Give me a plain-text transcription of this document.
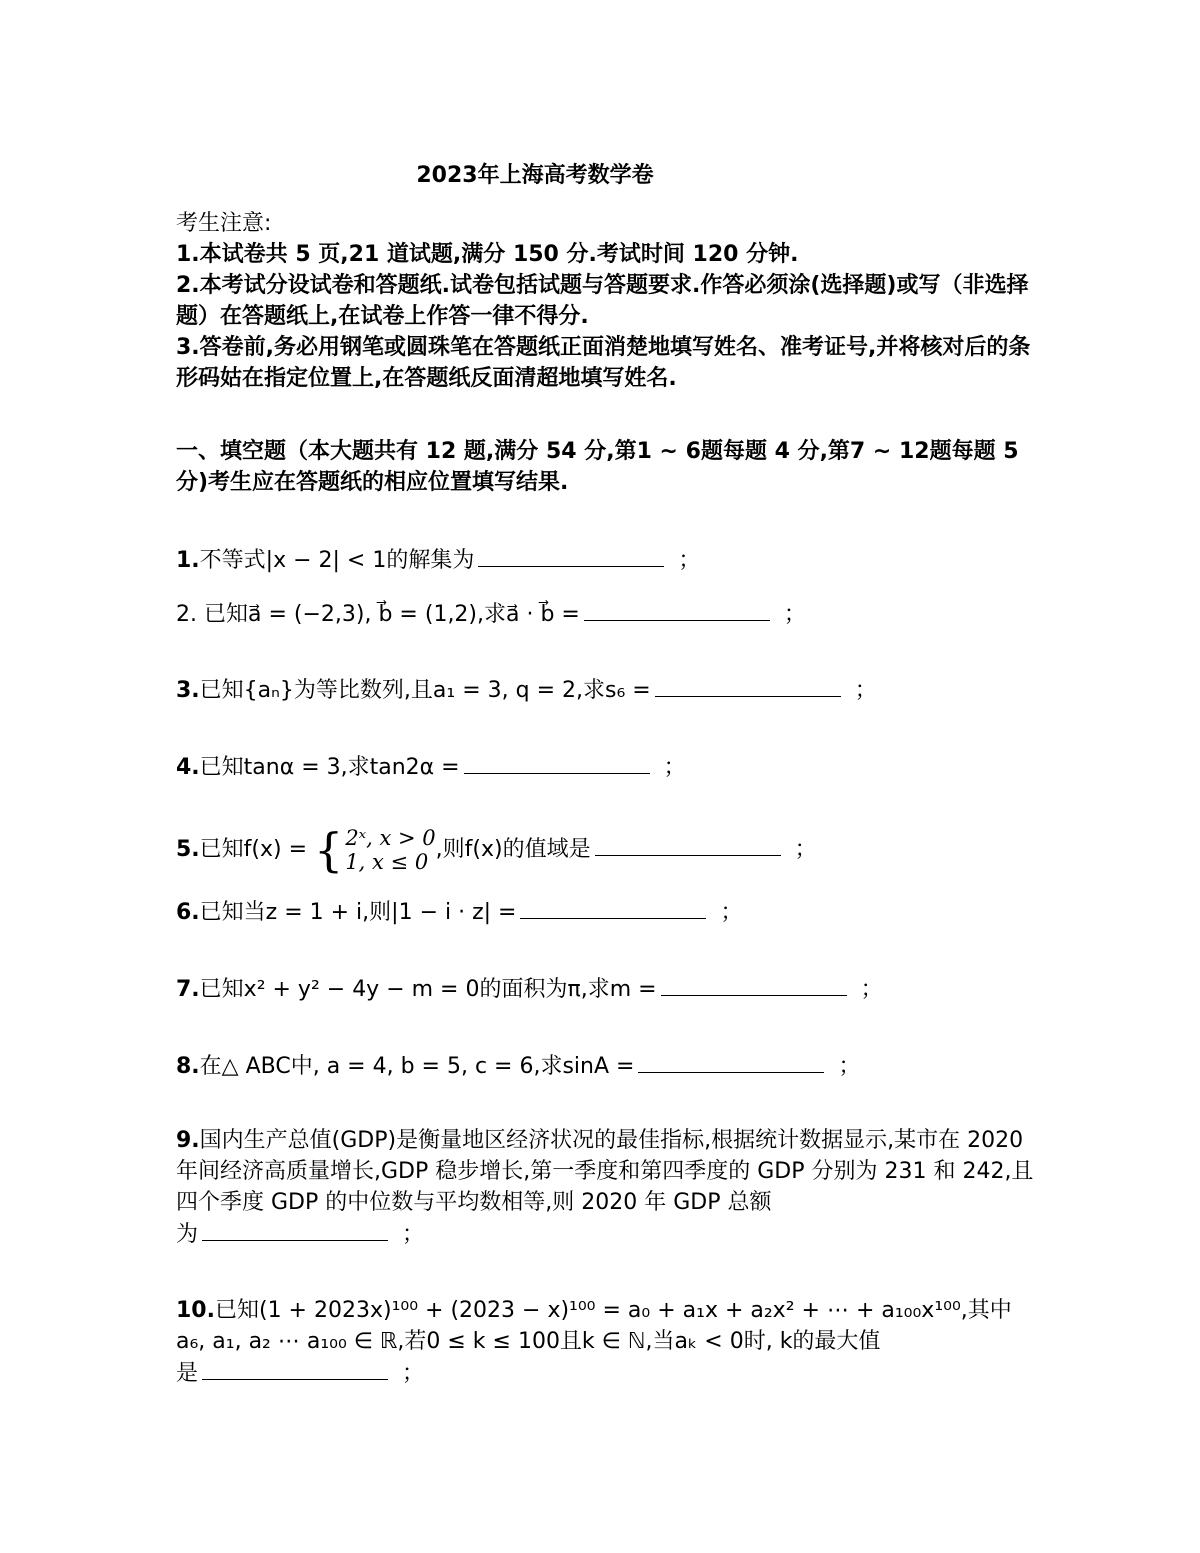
2023年上海高考数学卷
考生注意:
1.本试卷共 5 页,21 道试题,满分 150 分.考试时间 120 分钟.
2.本考试分设试卷和答题纸.试卷包括试题与答题要求.作答必须涂(选择题)或写（非选择题）在答题纸上,在试卷上作答一律不得分.
3.答卷前,务必用钢笔或圆珠笔在答题纸正面消楚地填写姓名、准考证号,并将核对后的条形码姑在指定位置上,在答题纸反面清超地填写姓名.
一、填空题（本大题共有 12 题,满分 54 分,第1 ∼ 6题每题 4 分,第7 ∼ 12题每题 5 分)考生应在答题纸的相应位置填写结果.
1.不等式|x − 2| < 1的解集为	；
2. 已知a⃗ = (−2,3), b⃗ = (1,2),求a⃗ · b⃗ =	；
3.已知{aₙ}为等比数列,且a₁ = 3, q = 2,求s₆ =	；
4.已知tanα = 3,求tan2α =	；
5.已知f(x) = { 2ˣ, x > 0
1, x ≤ 0 ,则f(x)的值域是	；
6.已知当z = 1 + i,则|1 − i · z| =	；
7.已知x² + y² − 4y − m = 0的面积为π,求m =	；
8.在△ ABC中, a = 4, b = 5, c = 6,求sinA =	；
9.国内生产总值(GDP)是衡量地区经济状况的最佳指标,根据统计数据显示,某市在 2020 年间经济高质量增长,GDP 稳步增长,第一季度和第四季度的 GDP 分别为 231 和 242,且四个季度 GDP 的中位数与平均数相等,则 2020 年 GDP 总额
为	；
10.已知(1 + 2023x)¹⁰⁰ + (2023 − x)¹⁰⁰ = a₀ + a₁x + a₂x² + ⋯ + a₁₀₀x¹⁰⁰,其中
a₆, a₁, a₂ ⋯ a₁₀₀ ∈ ℝ,若0 ≤ k ≤ 100且k ∈ ℕ,当aₖ < 0时, k的最大值
是	；
